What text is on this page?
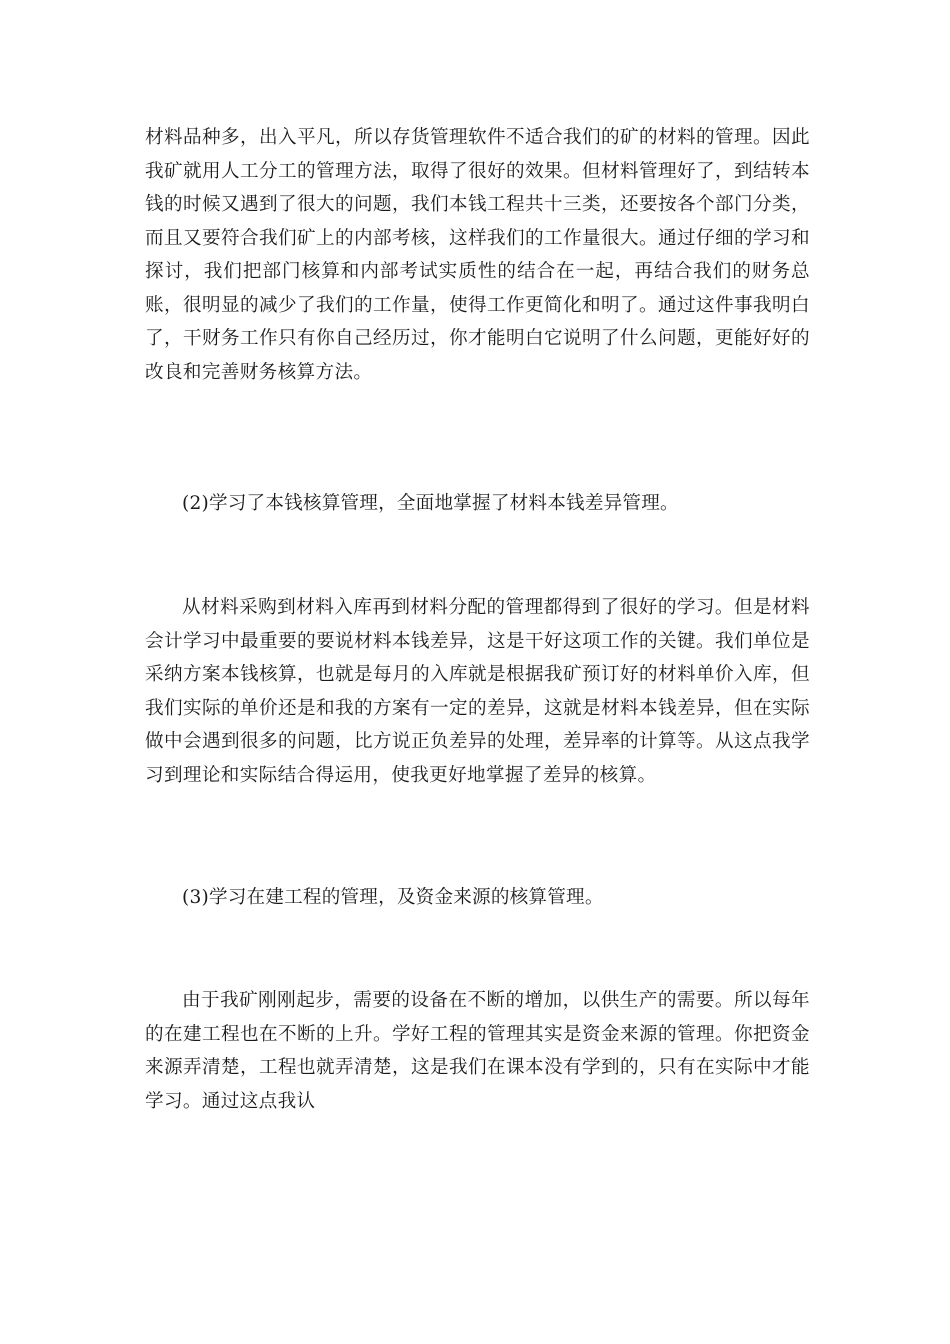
材料品种多，出入平凡，所以存货管理软件不适合我们的矿的材料的管理。因此我矿就用人工分工的管理方法，取得了很好的效果。但材料管理好了，到结转本钱的时候又遇到了很大的问题，我们本钱工程共十三类，还要按各个部门分类，而且又要符合我们矿上的内部考核，这样我们的工作量很大。通过仔细的学习和探讨，我们把部门核算和内部考试实质性的结合在一起，再结合我们的财务总账，很明显的减少了我们的工作量，使得工作更简化和明了。通过这件事我明白了，干财务工作只有你自己经历过，你才能明白它说明了什么问题，更能好好的改良和完善财务核算方法。

(2)学习了本钱核算管理，全面地掌握了材料本钱差异管理。

从材料采购到材料入库再到材料分配的管理都得到了很好的学习。但是材料会计学习中最重要的要说材料本钱差异，这是干好这项工作的关键。我们单位是采纳方案本钱核算，也就是每月的入库就是根据我矿预订好的材料单价入库，但我们实际的单价还是和我的方案有一定的差异，这就是材料本钱差异，但在实际做中会遇到很多的问题，比方说正负差异的处理，差异率的计算等。从这点我学习到理论和实际结合得运用，使我更好地掌握了差异的核算。

(3)学习在建工程的管理，及资金来源的核算管理。

由于我矿刚刚起步，需要的设备在不断的增加，以供生产的需要。所以每年的在建工程也在不断的上升。学好工程的管理其实是资金来源的管理。你把资金来源弄清楚，工程也就弄清楚，这是我们在课本没有学到的，只有在实际中才能学习。通过这点我认
